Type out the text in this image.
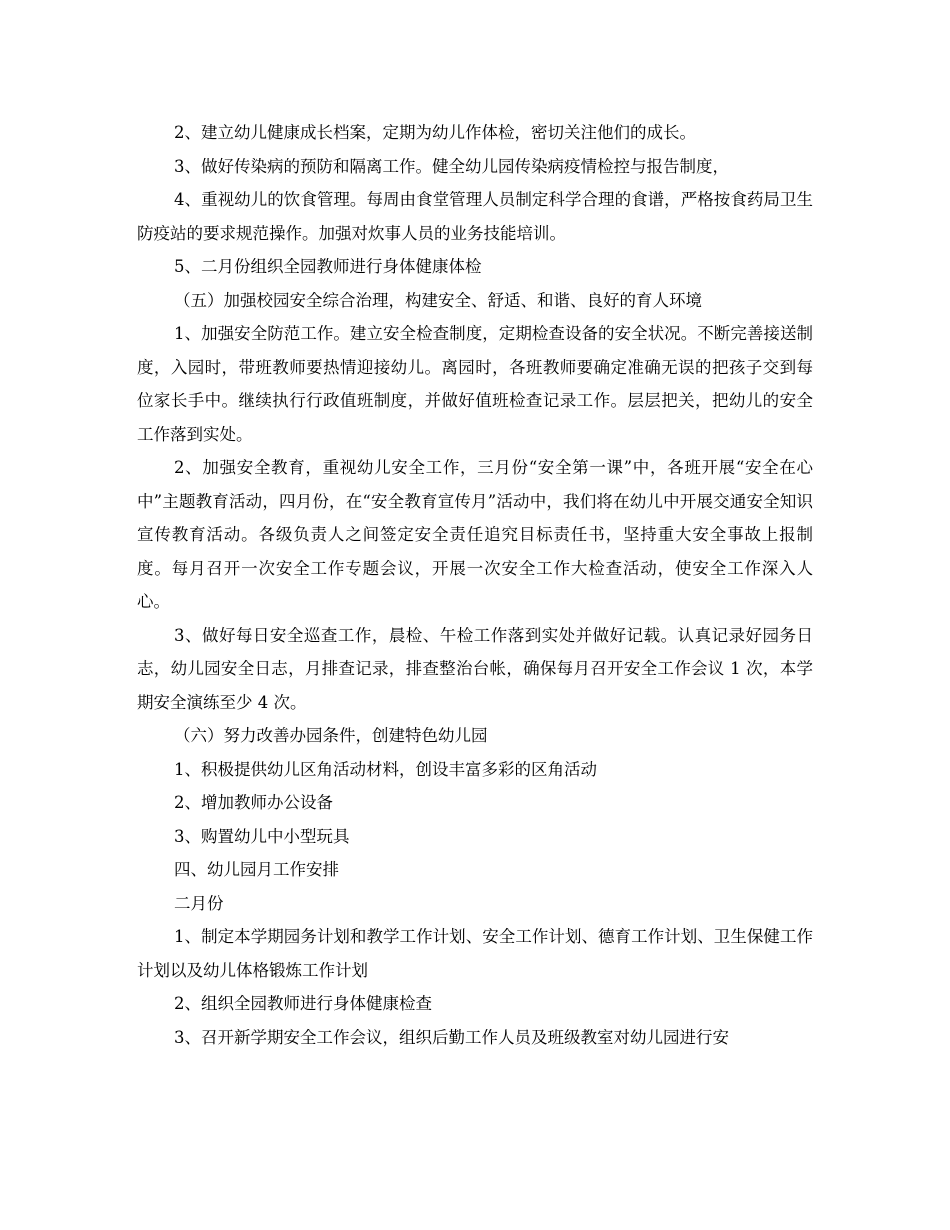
2、建立幼儿健康成长档案，定期为幼儿作体检，密切关注他们的成长。

3、做好传染病的预防和隔离工作。健全幼儿园传染病疫情检控与报告制度，

4、重视幼儿的饮食管理。每周由食堂管理人员制定科学合理的食谱，严格按食药局卫生防疫站的要求规范操作。加强对炊事人员的业务技能培训。

5、二月份组织全园教师进行身体健康体检

（五）加强校园安全综合治理，构建安全、舒适、和谐、良好的育人环境

1、加强安全防范工作。建立安全检查制度，定期检查设备的安全状况。不断完善接送制度，入园时，带班教师要热情迎接幼儿。离园时，各班教师要确定准确无误的把孩子交到每位家长手中。继续执行行政值班制度，并做好值班检查记录工作。层层把关，把幼儿的安全工作落到实处。

2、加强安全教育，重视幼儿安全工作，三月份“安全第一课”中，各班开展“安全在心中”主题教育活动，四月份，在“安全教育宣传月”活动中，我们将在幼儿中开展交通安全知识宣传教育活动。各级负责人之间签定安全责任追究目标责任书，坚持重大安全事故上报制度。每月召开一次安全工作专题会议，开展一次安全工作大检查活动，使安全工作深入人心。

3、做好每日安全巡查工作，晨检、午检工作落到实处并做好记载。认真记录好园务日志，幼儿园安全日志，月排查记录，排查整治台帐，确保每月召开安全工作会议 1 次，本学期安全演练至少 4 次。

（六）努力改善办园条件，创建特色幼儿园

1、积极提供幼儿区角活动材料，创设丰富多彩的区角活动

2、增加教师办公设备

3、购置幼儿中小型玩具

四、幼儿园月工作安排

二月份

1、制定本学期园务计划和教学工作计划、安全工作计划、德育工作计划、卫生保健工作计划以及幼儿体格锻炼工作计划

2、组织全园教师进行身体健康检查

3、召开新学期安全工作会议，组织后勤工作人员及班级教室对幼儿园进行安
